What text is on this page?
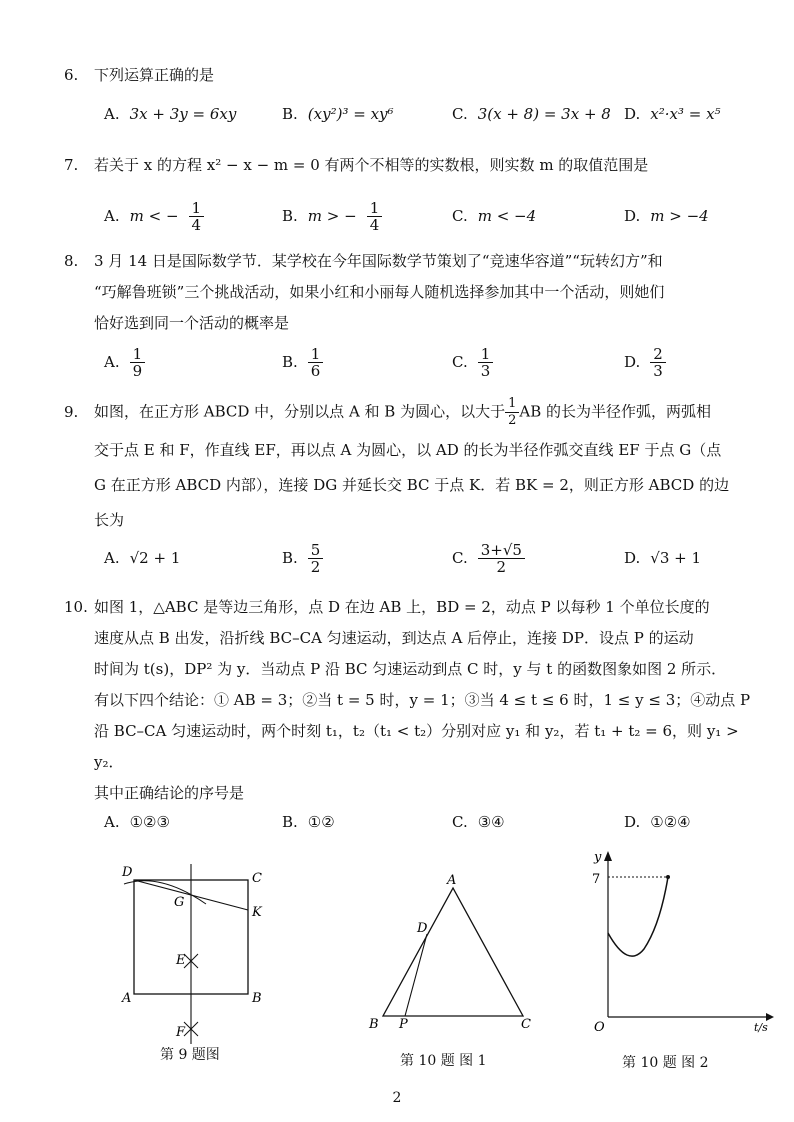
6. 下列运算正确的是
A. 3x + 3y = 6xy	B. (xy²)³ = xy⁶	C. 3(x + 8) = 3x + 8 D. x²·x³ = x⁵
7. 若关于 x 的方程 x² − x − m = 0 有两个不相等的实数根，则实数 m 的取值范围是
A. m < − $\frac{1}{4}$	B. m > − $\frac{1}{4}$	C. m < −4	D. m > −4
8. 3 月 14 日是国际数学节．某学校在今年国际数学节策划了“竞速华容道”“玩转幻方”和
“巧解鲁班锁”三个挑战活动，如果小红和小丽每人随机选择参加其中一个活动，则她们
恰好选到同一个活动的概率是
A. $\frac{1}{9}$	B. $\frac{1}{6}$	C. $\frac{1}{3}$	D. $\frac{2}{3}$
9. 如图，在正方形 ABCD 中，分别以点 A 和 B 为圆心，以大于 $\frac{1}{2}$ AB 的长为半径作弧，两弧相
交于点 E 和 F，作直线 EF，再以点 A 为圆心，以 AD 的长为半径作弧交直线 EF 于点 G（点
G 在正方形 ABCD 内部），连接 DG 并延长交 BC 于点 K．若 BK = 2，则正方形 ABCD 的边
长为
A. √2 + 1	B. $\frac{5}{2}$	C. $\frac{3+√5}{2}$	D. √3 + 1
10. 如图 1，△ABC 是等边三角形，点 D 在边 AB 上，BD = 2，动点 P 以每秒 1 个单位长度的
速度从点 B 出发，沿折线 BC–CA 匀速运动，到达点 A 后停止，连接 DP．设点 P 的运动
时间为 t(s)，DP² 为 y．当动点 P 沿 BC 匀速运动到点 C 时，y 与 t 的函数图象如图 2 所示．
有以下四个结论：① AB = 3；②当 t = 5 时，y = 1；③当 4 ≤ t ≤ 6 时，1 ≤ y ≤ 3；④动点 P
沿 BC–CA 匀速运动时，两个时刻 t₁，t₂（t₁ < t₂）分别对应 y₁ 和 y₂，若 t₁ + t₂ = 6，则 y₁ > y₂．
其中正确结论的序号是
A. ①②③	B. ①②	C. ③④	D. ①②④
D	C
G
K
E
A	B
F
第 9 题图
A
D
B P	C
第 10 题 图 1
y
7
O	t/s
第 10 题 图 2
2
